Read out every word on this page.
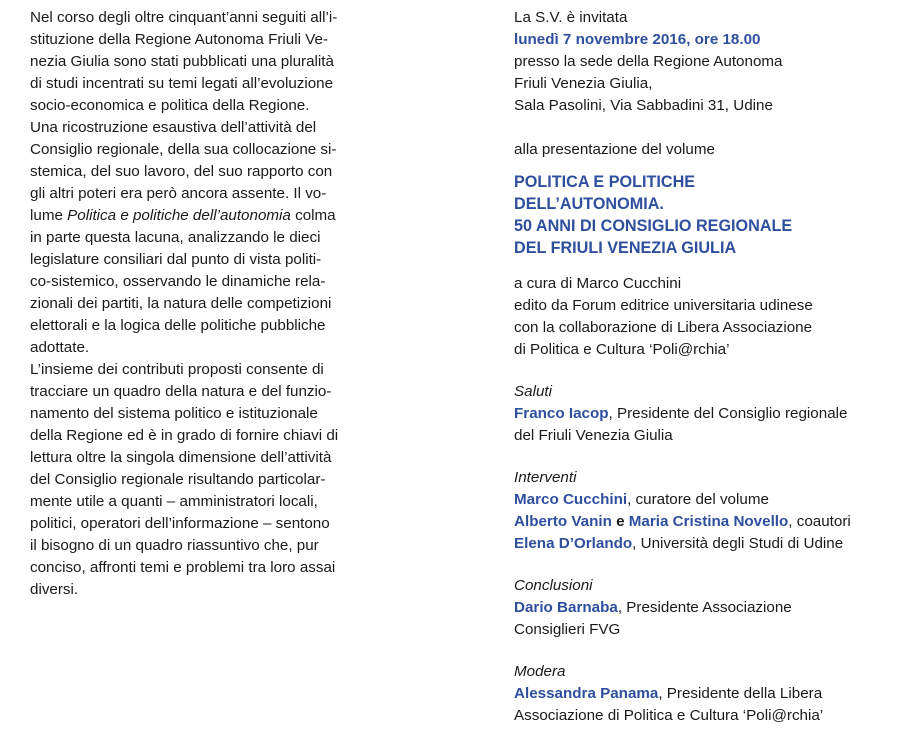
Nel corso degli oltre cinquant’anni seguiti all’i-
stituzione della Regione Autonoma Friuli Ve-
nezia Giulia sono stati pubblicati una pluralità
di studi incentrati su temi legati all’evoluzione
socio-economica e politica della Regione.
Una ricostruzione esaustiva dell’attività del
Consiglio regionale, della sua collocazione si-
stemica, del suo lavoro, del suo rapporto con
gli altri poteri era però ancora assente. Il vo-
lume Politica e politiche dell’autonomia colma
in parte questa lacuna, analizzando le dieci
legislature consiliari dal punto di vista politi-
co-sistemico, osservando le dinamiche rela-
zionali dei partiti, la natura delle competizioni
elettorali e la logica delle politiche pubbliche
adottate.
L’insieme dei contributi proposti consente di
tracciare un quadro della natura e del funzio-
namento del sistema politico e istituzionale
della Regione ed è in grado di fornire chiavi di
lettura oltre la singola dimensione dell’attività
del Consiglio regionale risultando particolar-
mente utile a quanti – amministratori locali,
politici, operatori dell’informazione – sentono
il bisogno di un quadro riassuntivo che, pur
conciso, affronti temi e problemi tra loro assai
diversi.
La S.V. è invitata
lunedì 7 novembre 2016, ore 18.00
presso la sede della Regione Autonoma
Friuli Venezia Giulia,
Sala Pasolini, Via Sabbadini 31, Udine
alla presentazione del volume
POLITICA E POLITICHE
DELL’AUTONOMIA.
50 ANNI DI CONSIGLIO REGIONALE
DEL FRIULI VENEZIA GIULIA
a cura di Marco Cucchini
edito da Forum editrice universitaria udinese
con la collaborazione di Libera Associazione
di Politica e Cultura ‘Poli@rchia’
Saluti
Franco Iacop, Presidente del Consiglio regionale
del Friuli Venezia Giulia
Interventi
Marco Cucchini, curatore del volume
Alberto Vanin e Maria Cristina Novello, coautori
Elena D’Orlando, Università degli Studi di Udine
Conclusioni
Dario Barnaba, Presidente Associazione
Consiglieri FVG
Modera
Alessandra Panama, Presidente della Libera
Associazione di Politica e Cultura ‘Poli@rchia’
